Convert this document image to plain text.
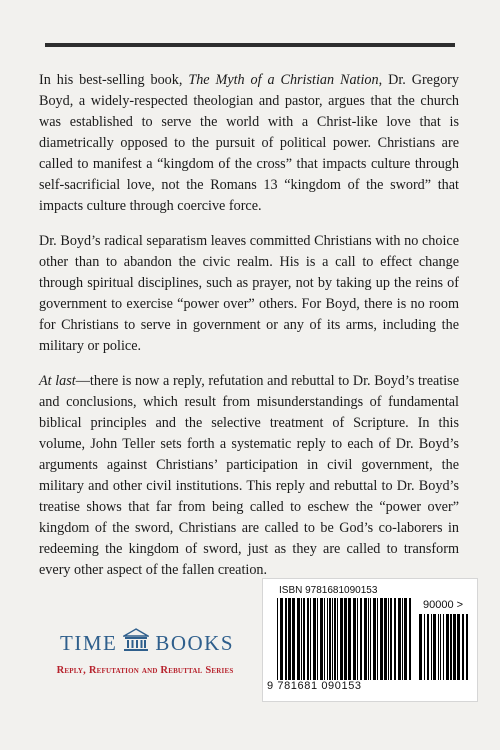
In his best-selling book, The Myth of a Christian Nation, Dr. Gregory Boyd, a widely-respected theologian and pastor, argues that the church was established to serve the world with a Christ-like love that is diametrically opposed to the pursuit of political power. Christians are called to manifest a “kingdom of the cross” that impacts culture through self-sacrificial love, not the Romans 13 “kingdom of the sword” that impacts culture through coercive force.

Dr. Boyd’s radical separatism leaves committed Christians with no choice other than to abandon the civic realm. His is a call to effect change through spiritual disciplines, such as prayer, not by taking up the reins of government to exercise “power over” others. For Boyd, there is no room for Christians to serve in government or any of its arms, including the military or police.

At last—there is now a reply, refutation and rebuttal to Dr. Boyd’s treatise and conclusions, which result from misunderstandings of fundamental biblical principles and the selective treatment of Scripture. In this volume, John Teller sets forth a systematic reply to each of Dr. Boyd’s arguments against Christians’ participation in civil government, the military and other civil institutions. This reply and rebuttal to Dr. Boyd’s treatise shows that far from being called to eschew the “power over” kingdom of the sword, Christians are called to be God’s co-laborers in redeeming the kingdom of sword, just as they are called to transform every other aspect of the fallen creation.

TIME BOOKS
Reply, Refutation and Rebuttal Series
ISBN 9781681090153
90000 >
9 781681 090153
